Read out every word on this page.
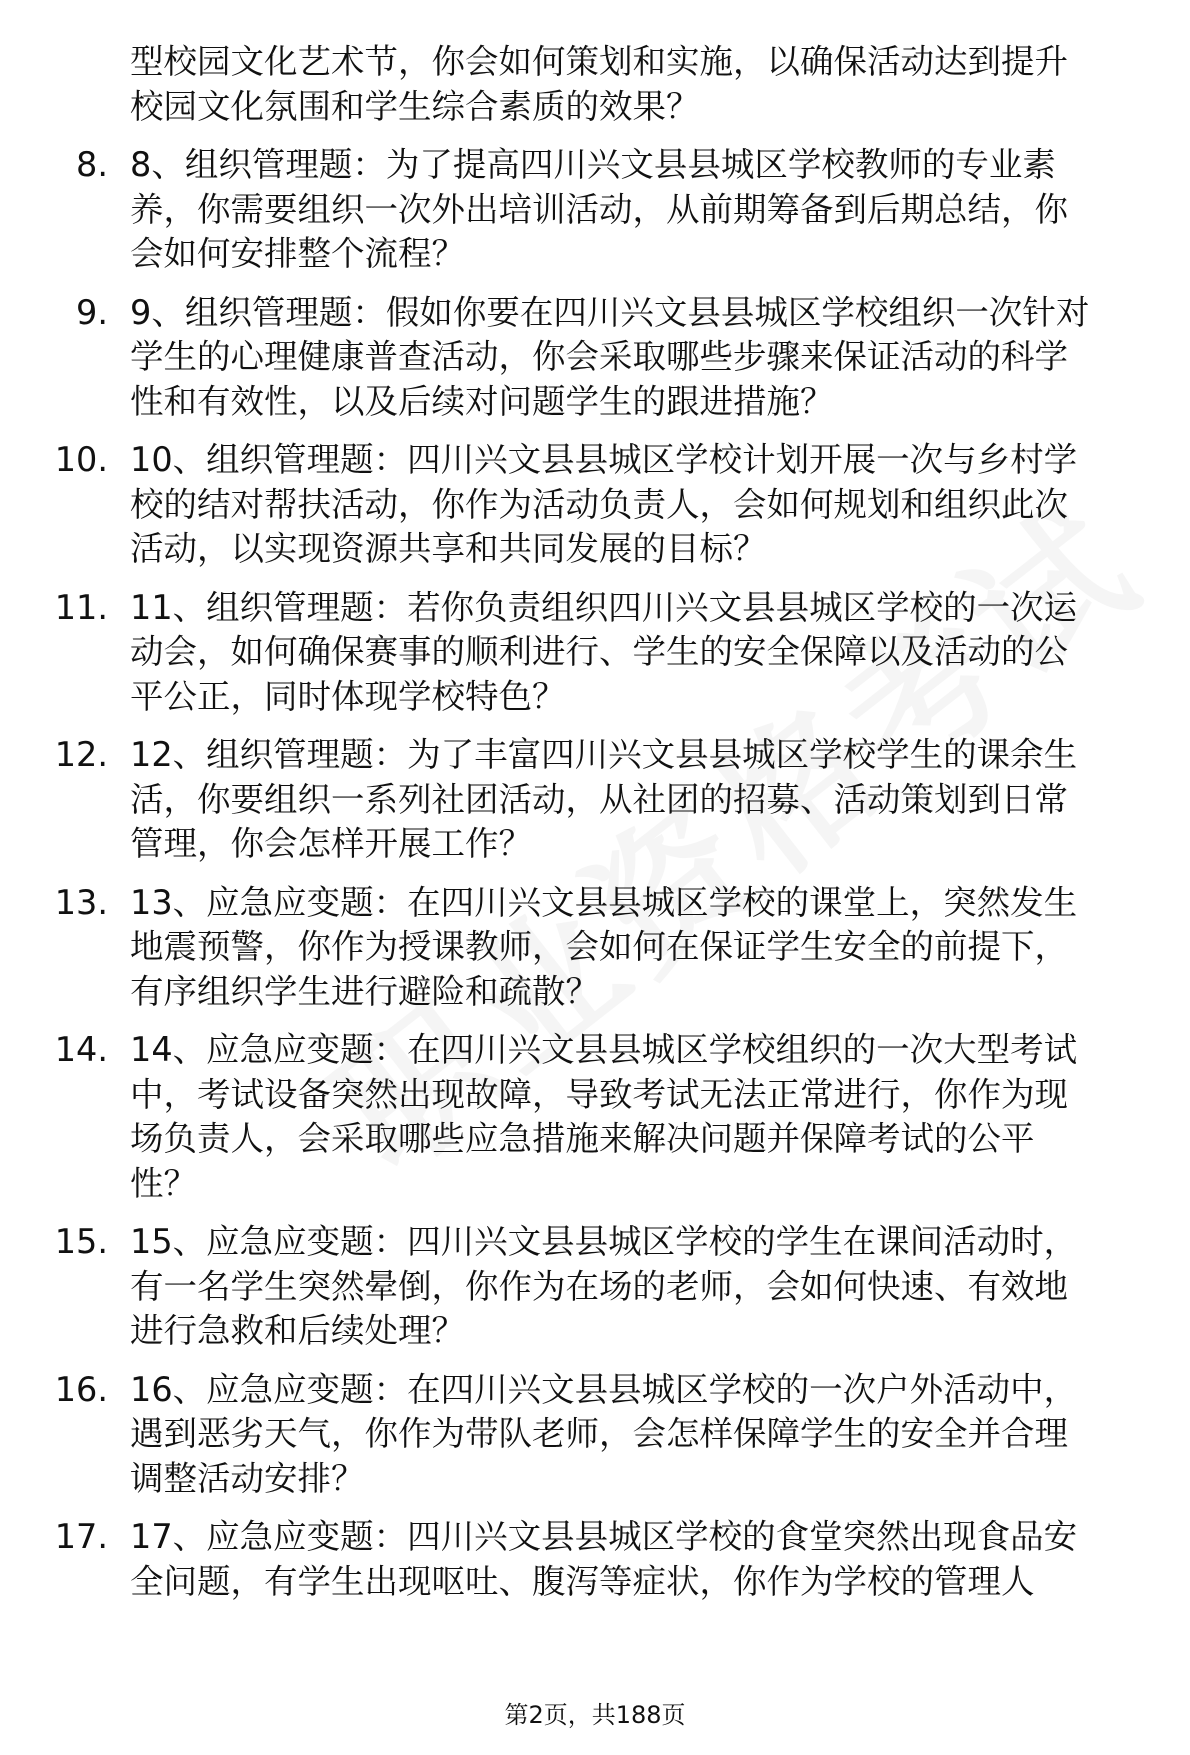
型校园文化艺术节，你会如何策划和实施，以确保活动达到提升
校园文化氛围和学生综合素质的效果？
8. 8、组织管理题：为了提高四川兴文县县城区学校教师的专业素
养，你需要组织一次外出培训活动，从前期筹备到后期总结，你
会如何安排整个流程？
9. 9、组织管理题：假如你要在四川兴文县县城区学校组织一次针对
学生的心理健康普查活动，你会采取哪些步骤来保证活动的科学
性和有效性，以及后续对问题学生的跟进措施？
10. 10、组织管理题：四川兴文县县城区学校计划开展一次与乡村学
校的结对帮扶活动，你作为活动负责人，会如何规划和组织此次
活动，以实现资源共享和共同发展的目标？
11. 11、组织管理题：若你负责组织四川兴文县县城区学校的一次运
动会，如何确保赛事的顺利进行、学生的安全保障以及活动的公
平公正，同时体现学校特色？
12. 12、组织管理题：为了丰富四川兴文县县城区学校学生的课余生
活，你要组织一系列社团活动，从社团的招募、活动策划到日常
管理，你会怎样开展工作？
13. 13、应急应变题：在四川兴文县县城区学校的课堂上，突然发生
地震预警，你作为授课教师，会如何在保证学生安全的前提下，
有序组织学生进行避险和疏散？
14. 14、应急应变题：在四川兴文县县城区学校组织的一次大型考试
中，考试设备突然出现故障，导致考试无法正常进行，你作为现
场负责人，会采取哪些应急措施来解决问题并保障考试的公平
性？
15. 15、应急应变题：四川兴文县县城区学校的学生在课间活动时，
有一名学生突然晕倒，你作为在场的老师，会如何快速、有效地
进行急救和后续处理？
16. 16、应急应变题：在四川兴文县县城区学校的一次户外活动中，
遇到恶劣天气，你作为带队老师，会怎样保障学生的安全并合理
调整活动安排？
17. 17、应急应变题：四川兴文县县城区学校的食堂突然出现食品安
全问题，有学生出现呕吐、腹泻等症状，你作为学校的管理人
第2页，共188页
